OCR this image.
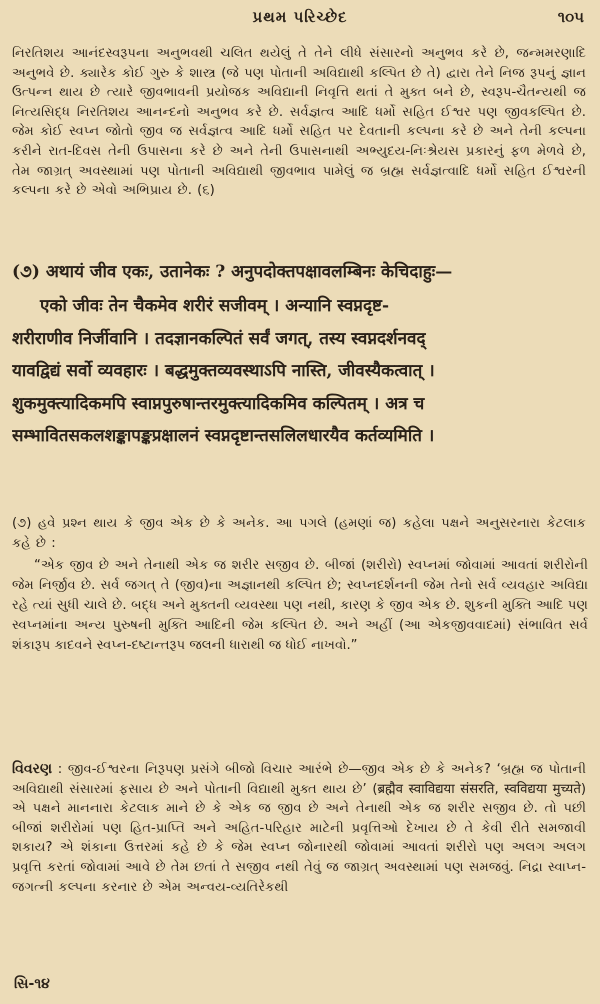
પ્રથમ પરિચ્છેદ	૧૦૫
નિરતિશય આનંદસ્વરૂપના અનુભવથી ચલિત થયેલું તે તેને લીધે સંસારનો અનુભવ કરે છે, જન્મમરણાદિ અનુભવે છે. ક્યારેક કોઈ ગુરુ કે શાસ્ત્ર (જે પણ પોતાની અવિદ્યાથી કલ્પિત છે તે) દ્વારા તેને નિજ રૂપનું જ્ઞાન ઉત્પન્ન થાય છે ત્યારે જીવભાવની પ્રયોજક અવિદ્યાની નિવૃત્તિ થતાં તે મુક્ત બને છે, સ્વરૂપ-ચૈતન્યથી જ નિત્યસિદ્ધ નિરતિશય આનન્દનો અનુભવ કરે છે. સર્વજ્ઞત્વ આદિ ધર્મો સહિત ઈશ્વર પણ જીવકલ્પિત છે. જેમ કોઈ સ્વપ્ન જોતો જીવ જ સર્વજ્ઞત્વ આદિ ધર્મો સહિત પર દેવતાની કલ્પના કરે છે અને તેની કલ્પના કરીને રાત-દિવસ તેની ઉપાસના કરે છે અને તેની ઉપાસનાથી અભ્યુદય-નિઃશ્રેયસ પ્રકારનું ફળ મેળવે છે, તેમ જાગ્રત્ અવસ્થામાં પણ પોતાની અવિદ્યાથી જીવભાવ પામેલું જ બ્રહ્મ સર્વજ્ઞત્વાદિ ધર્મો સહિત ઈશ્વરની કલ્પના કરે છે એવો અભિપ્રાય છે. (૬)
(૭) अथायं जीव एकः, उतानेकः ? अनुपदोक्तपक्षावलम्बिनः केचिदाहुः—
एको जीवः तेन चैकमेव शरीरं सजीवम् । अन्यानि स्वप्नदृष्ट-
शरीराणीव निर्जीवानि । तदज्ञानकल्पितं सर्वं जगत्, तस्य स्वप्नदर्शनवद्
यावद्विद्यं सर्वो व्यवहारः । बद्धमुक्तव्यवस्थाऽपि नास्ति, जीवस्यैकत्वात् ।
शुकमुक्त्यादिकमपि स्वाप्नपुरुषान्तरमुक्त्यादिकमिव कल्पितम् । अत्र च
सम्भावितसकलशङ्कापङ्कप्रक्षालनं स्वप्नदृष्टान्तसलिलधारयैव कर्तव्यमिति ।
(૭) હવે પ્રશ્ન થાય કે જીવ એક છે કે અનેક. આ પગલે (હમણાં જ) કહેલા પક્ષને અનુસરનારા કેટલાક કહે છે :
“એક જીવ છે અને તેનાથી એક જ શરીર સજીવ છે. બીજાં (શરીરો) સ્વપ્નમાં જોવામાં આવતાં શરીરોની જેમ નિર્જીવ છે. સર્વ જગત્ તે (જીવ)ના અજ્ઞાનથી કલ્પિત છે; સ્વપ્નદર્શનની જેમ તેનો સર્વ વ્યવહાર અવિદ્યા રહે ત્યાં સુધી ચાલે છે. બદ્ધ અને મુક્તની વ્યવસ્થા પણ નથી, કારણ કે જીવ એક છે. શુકની મુક્તિ આદિ પણ સ્વપ્નમાંના અન્ય પુરુષની મુક્તિ આદિની જેમ કલ્પિત છે. અને અહીં (આ એકજીવવાદમાં) સંભાવિત સર્વ શંકારૂપ કાદવને સ્વપ્ન-દષ્ટાન્તરૂપ જલની ધારાથી જ ધોઈ નાખવો.”
વિવરણ : જીવ-ઈશ્વરના નિરૂપણ પ્રસંગે બીજો વિચાર આરંભે છે—જીવ એક છે કે અનેક? ‘બ્રહ્મ જ પોતાની અવિદ્યાથી સંસારમાં ફસાય છે અને પોતાની વિદ્યાથી મુક્ત થાય છે’ (ब्रह्मैव स्वाविद्यया संसरति, स्वविद्यया मुच्यते) એ પક્ષને માનનારા કેટલાક માને છે કે એક જ જીવ છે અને તેનાથી એક જ શરીર સજીવ છે. તો પછી બીજાં શરીરોમાં પણ હિત-પ્રાપ્તિ અને અહિત-પરિહાર માટેની પ્રવૃત્તિઓ દેખાય છે તે કેવી રીતે સમજાવી શકાય? એ શંકાના ઉત્તરમાં કહે છે કે જેમ સ્વપ્ન જોનારથી જોવામાં આવતાં શરીરો પણ અલગ અલગ પ્રવૃત્તિ કરતાં જોવામાં આવે છે તેમ છતાં તે સજીવ નથી તેવું જ જાગ્રત્ અવસ્થામાં પણ સમજવું. નિદ્રા સ્વાપ્ન-જગત્ની કલ્પના કરનાર છે એમ અન્વય-વ્યતિરેકથી
સિ-૧૪
